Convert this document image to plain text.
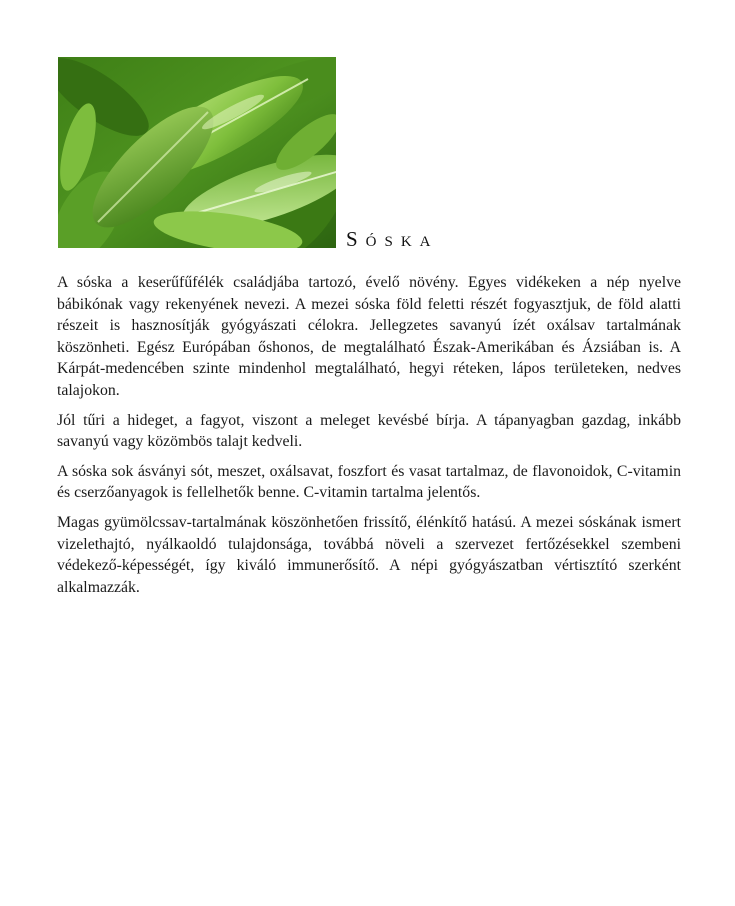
Sóska

A sóska a keserűfűfélék családjába tartozó, évelő növény. Egyes vidékeken a nép nyelve bábikónak vagy rekenyének nevezi. A mezei sóska föld feletti részét fogyasztjuk, de föld alatti részeit is hasznosítják gyógyászati célokra. Jellegzetes savanyú ízét oxálsav tartalmának köszönheti. Egész Európában őshonos, de megtalálható Észak-Amerikában és Ázsiában is. A Kárpát-medencében szinte mindenhol megtalálható, hegyi réteken, lápos területeken, nedves talajokon.

Jól tűri a hideget, a fagyot, viszont a meleget kevésbé bírja. A tápanyagban gazdag, inkább savanyú vagy közömbös talajt kedveli.

A sóska sok ásványi sót, meszet, oxálsavat, foszfort és vasat tartalmaz, de flavonoidok, C-vitamin és cserzőanyagok is fellelhetők benne. C-vitamin tartalma jelentős.

Magas gyümölcssav-tartalmának köszönhetően frissítő, élénkítő hatású. A mezei sóskának ismert vizelethajtó, nyálkaoldó tulajdonsága, továbbá növeli a szervezet fertőzésekkel szembeni védekező-képességét, így kiváló immunerősítő. A népi gyógyászatban vértisztító szerként alkalmazzák.
